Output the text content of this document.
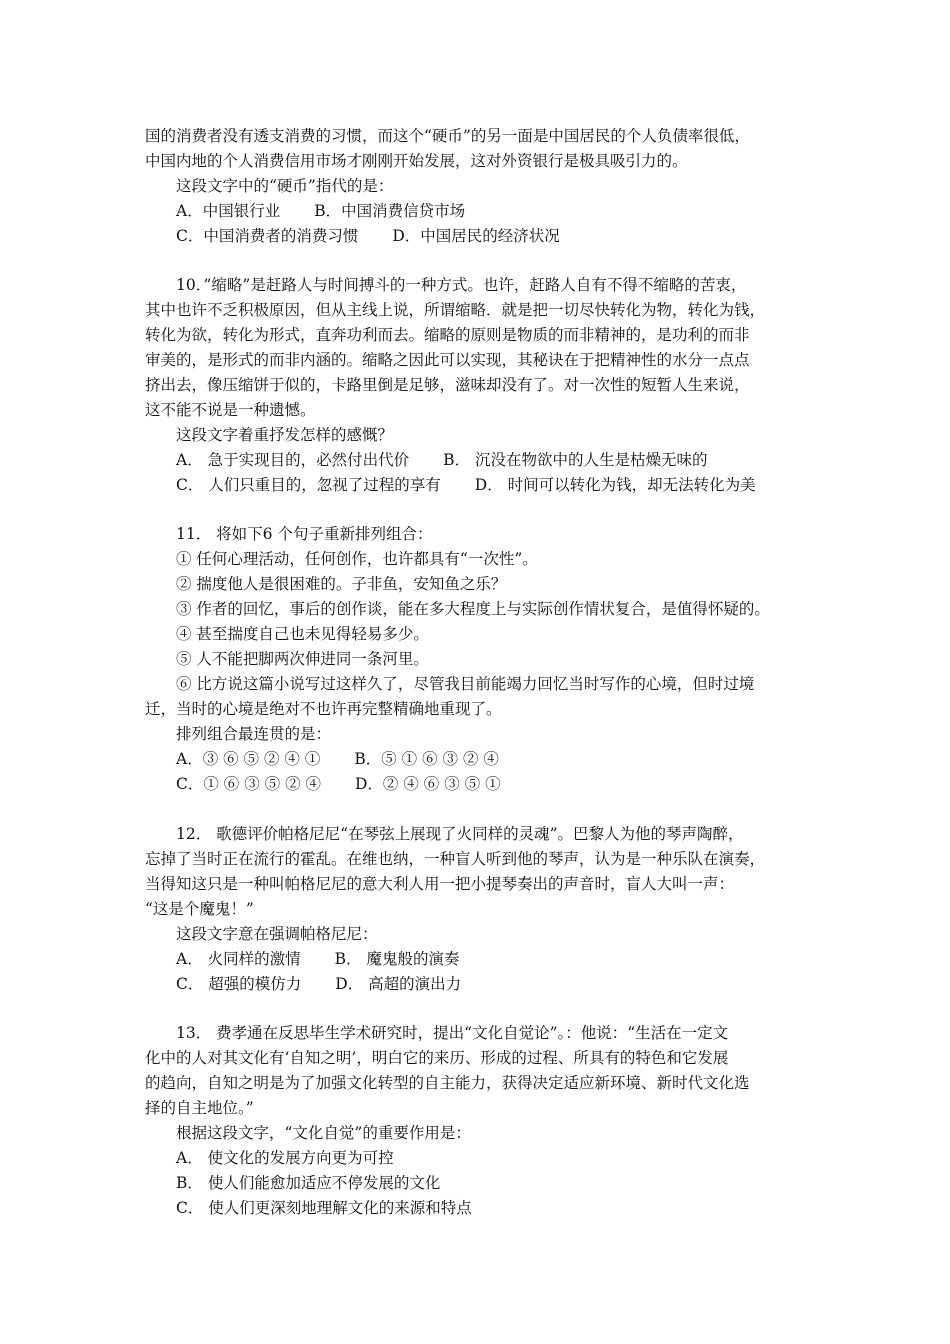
国的消费者没有透支消费的习惯，而这个“硬币”的另一面是中国居民的个人负债率很低，
中国内地的个人消费信用市场才刚刚开始发展，这对外资银行是极具吸引力的。
这段文字中的“硬币”指代的是：
A．中国银行业 B．中国消费信贷市场
C．中国消费者的消费习惯 D．中国居民的经济状况
10．”缩略”是赶路人与时间搏斗的一种方式。也许，赶路人自有不得不缩略的苦衷，
其中也许不乏积极原因，但从主线上说，所谓缩略．就是把一切尽快转化为物，转化为钱，
转化为欲，转化为形式，直奔功利而去。缩略的原则是物质的而非精神的，是功利的而非
审美的，是形式的而非内涵的。缩略之因此可以实现，其秘诀在于把精神性的水分一点点
挤出去，像压缩饼于似的，卡路里倒是足够，滋味却没有了。对一次性的短暂人生来说，
这不能不说是一种遗憾。
这段文字着重抒发怎样的感慨？
A． 急于实现目的，必然付出代价 B． 沉没在物欲中的人生是枯燥无味的
C． 人们只重目的，忽视了过程的享有 D． 时间可以转化为钱，却无法转化为美
11． 将如下6 个句子重新排列组合：
① 任何心理活动，任何创作，也许都具有“一次性”。
② 揣度他人是很困难的。子非鱼，安知鱼之乐？
③ 作者的回忆，事后的创作谈，能在多大程度上与实际创作情状复合，是值得怀疑的。
④ 甚至揣度自己也未见得轻易多少。
⑤ 人不能把脚两次伸进同一条河里。
⑥ 比方说这篇小说写过这样久了，尽管我目前能竭力回忆当时写作的心境，但时过境
迁，当时的心境是绝对不也许再完整精确地重现了。
排列组合最连贯的是：
A．③ ⑥ ⑤ ② ④ ① B．⑤ ① ⑥ ③ ② ④
C．① ⑥ ③ ⑤ ② ④ D．② ④ ⑥ ③ ⑤ ①
12． 歌德评价帕格尼尼“在琴弦上展现了火同样的灵魂”。巴黎人为他的琴声陶醉，
忘掉了当时正在流行的霍乱。在维也纳，一种盲人听到他的琴声，认为是一种乐队在演奏，
当得知这只是一种叫帕格尼尼的意大利人用一把小提琴奏出的声音时，盲人大叫一声：
“这是个魔鬼！”
这段文字意在强调帕格尼尼：
A． 火同样的激情 B． 魔鬼般的演奏
C． 超强的模仿力 D． 高超的演出力
13． 费孝通在反思毕生学术研究时，提出“文化自觉论”。：他说：“生活在一定文
化中的人对其文化有‘自知之明’，明白它的来历、形成的过程、所具有的特色和它发展
的趋向，自知之明是为了加强文化转型的自主能力，获得决定适应新环境、新时代文化选
择的自主地位。”
根据这段文字，“文化自觉”的重要作用是：
A． 使文化的发展方向更为可控
B． 使人们能愈加适应不停发展的文化
C． 使人们更深刻地理解文化的来源和特点
